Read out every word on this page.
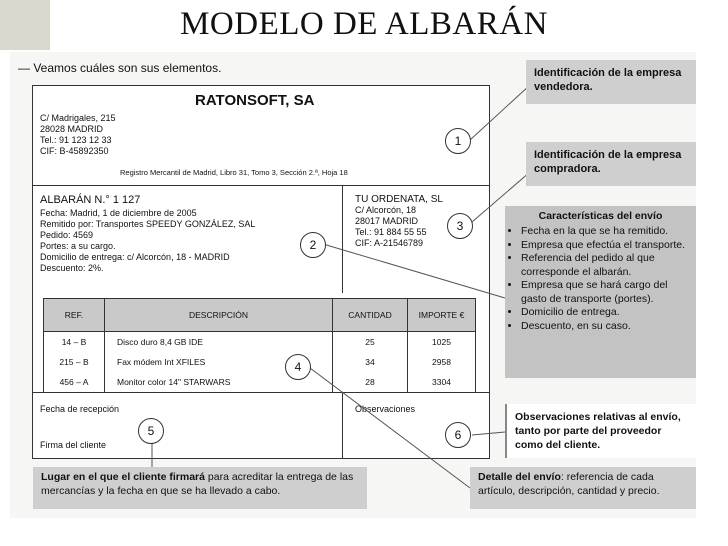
MODELO DE ALBARÁN
— Veamos cuáles son sus elementos.
RATONSOFT, SA
C/ Madrigales, 215
28028 MADRID
Tel.: 91 123 12 33
CIF: B-45892350
Registro Mercantil de Madrid, Libro 31, Tomo 3, Sección 2.ª, Hoja 18
ALBARÁN N.° 1 127
Fecha: Madrid, 1 de diciembre de 2005
Remitido por: Transportes SPEEDY GONZÁLEZ, SAL
Pedido: 4569
Portes: a su cargo.
Domicilio de entrega: c/ Alcorcón, 18 - MADRID
Descuento: 2%.
TU ORDENATA, SL
C/ Alcorcón, 18
28017 MADRID
Tel.: 91 884 55 55
CIF: A-21546789
REF.	DESCRIPCIÓN	CANTIDAD	IMPORTE €
14 – B	Disco duro 8,4 GB IDE	25	1025
215 – B	Fax módem Int XFILES	34	2958
456 – A	Monitor color 14" STARWARS	28	3304
Fecha de recepción	Observaciones
Firma del cliente
1
2
3
4
5	6
Identificación de la empresa vendedora.
Identificación de la empresa compradora.
Características del envío
• Fecha en la que se ha remitido.
• Empresa que efectúa el transporte.
• Referencia del pedido al que corresponde el albarán.
• Empresa que se hará cargo del gasto de transporte (portes).
• Domicilio de entrega.
• Descuento, en su caso.
Observaciones relativas al envío, tanto por parte del proveedor como del cliente.
Lugar en el que el cliente firmará para acreditar la entrega de las mercancías y la fecha en que se ha llevado a cabo.
Detalle del envío: referencia de cada artículo, descripción, cantidad y precio.
